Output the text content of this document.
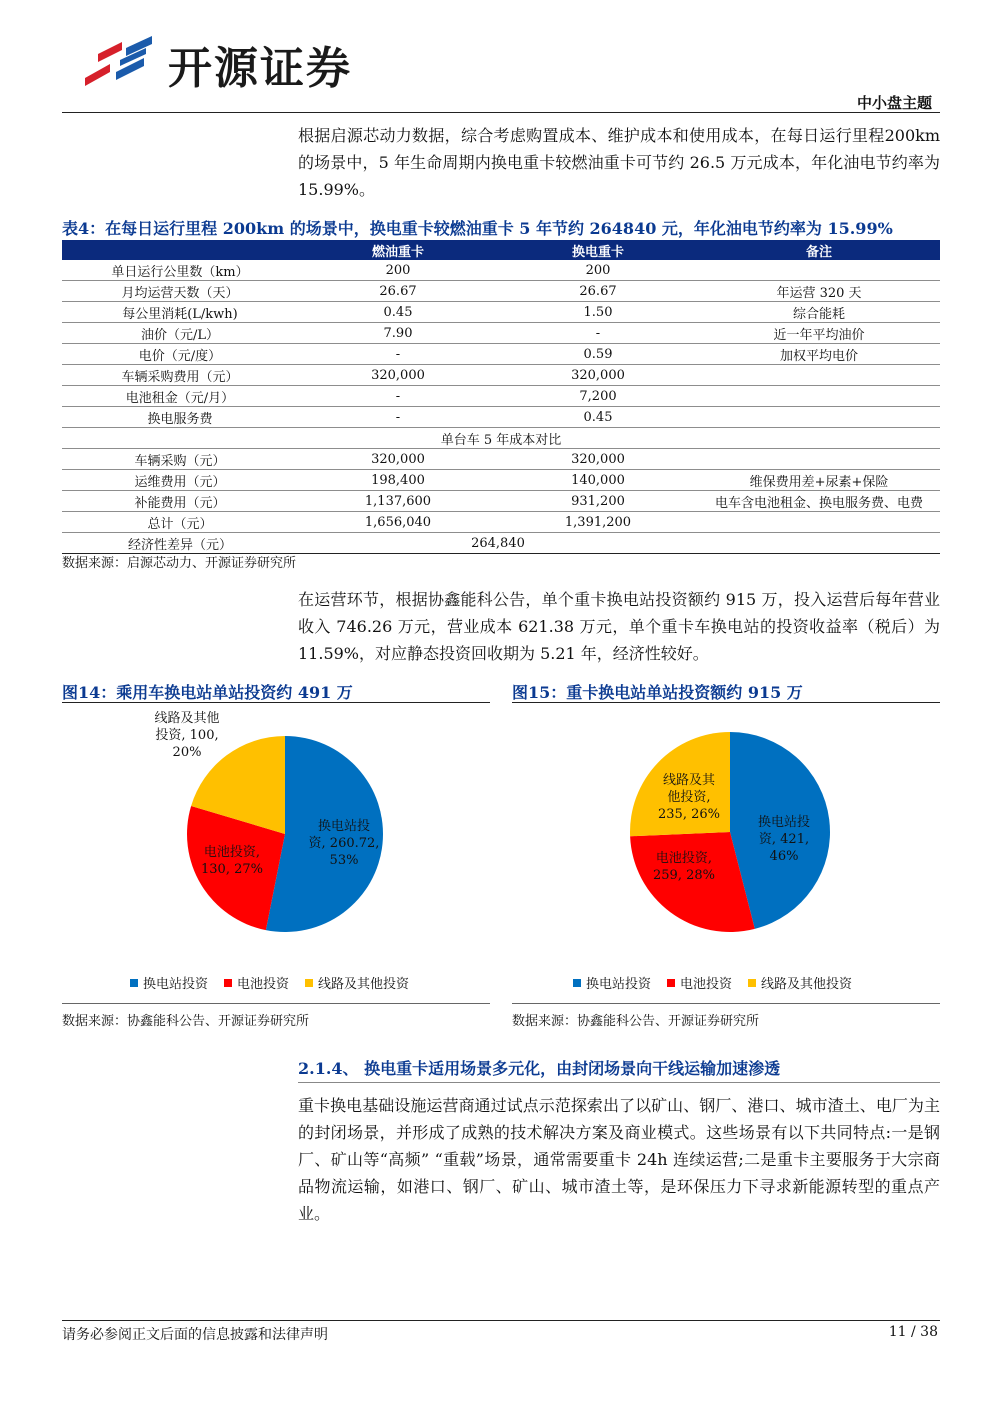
开源证券
中小盘主题
根据启源芯动力数据，综合考虑购置成本、维护成本和使用成本，在每日运行里程200km 的场景中，5 年生命周期内换电重卡较燃油重卡可节约 26.5 万元成本，年化油电节约率为 15.99%。
表4：在每日运行里程 200km 的场景中，换电重卡较燃油重卡 5 年节约 264840 元，年化油电节约率为 15.99%
	燃油重卡	换电重卡	备注
单日运行公里数（km）	200	200	
月均运营天数（天）	26.67	26.67	年运营 320 天
每公里消耗(L/kwh)	0.45	1.50	综合能耗
油价（元/L）	7.90	-	近一年平均油价
电价（元/度）	-	0.59	加权平均电价
车辆采购费用（元）	320,000	320,000	
电池租金（元/月）	-	7,200	
换电服务费	-	0.45	
单台车 5 年成本对比			
车辆采购（元）	320,000	320,000	
运维费用（元）	198,400	140,000	维保费用差+尿素+保险
补能费用（元）	1,137,600	931,200	电车含电池租金、换电服务费、电费
总计（元）	1,656,040	1,391,200	
经济性差异（元）	264,840		
数据来源：启源芯动力、开源证券研究所
在运营环节，根据协鑫能科公告，单个重卡换电站投资额约 915 万，投入运营后每年营业收入 746.26 万元，营业成本 621.38 万元，单个重卡车换电站的投资收益率（税后）为 11.59%，对应静态投资回收期为 5.21 年，经济性较好。
图14：乘用车换电站单站投资约 491 万
换电站投资, 260.72, 53%
电池投资, 130, 27%
线路及其他投资, 100, 20%
换电站投资 电池投资 线路及其他投资
数据来源：协鑫能科公告、开源证券研究所
图15：重卡换电站单站投资额约 915 万
换电站投资, 421, 46%
电池投资, 259, 28%
线路及其他投资, 235, 26%
换电站投资 电池投资 线路及其他投资
数据来源：协鑫能科公告、开源证券研究所
2.1.4、 换电重卡适用场景多元化，由封闭场景向干线运输加速渗透
重卡换电基础设施运营商通过试点示范探索出了以矿山、钢厂、港口、城市渣土、电厂为主的封闭场景，并形成了成熟的技术解决方案及商业模式。这些场景有以下共同特点:一是钢厂、矿山等“高频” “重载”场景，通常需要重卡 24h 连续运营;二是重卡主要服务于大宗商品物流运输，如港口、钢厂、矿山、城市渣土等，是环保压力下寻求新能源转型的重点产业。
请务必参阅正文后面的信息披露和法律声明	11 / 38
